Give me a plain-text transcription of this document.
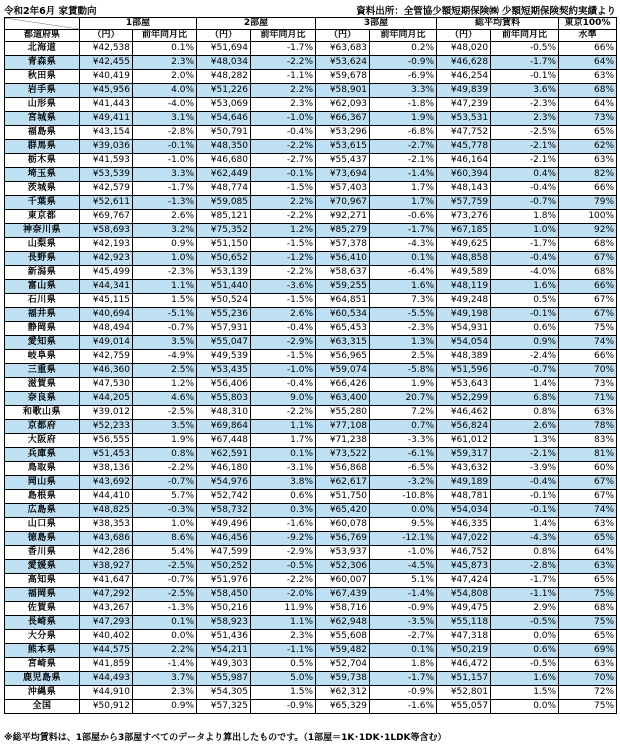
令和2年6月 家賃動向	資料出所：全管協少額短期保険㈱ 少額短期保険契約実績より
	1部屋		2部屋		3部屋		総平均賃料		東京100%
都道府県	（円）	前年同月比	（円）	前年同月比	（円）	前年同月比	（円）	前年同月比	水準
北海道	¥42,538	0.1%	¥51,694	-1.7%	¥63,683	0.2%	¥48,020	-0.5%	66%
青森県	¥42,455	2.3%	¥48,034	-2.2%	¥53,624	-0.9%	¥46,628	-1.7%	64%
秋田県	¥40,419	2.0%	¥48,282	-1.1%	¥59,678	-6.9%	¥46,254	-0.1%	63%
岩手県	¥45,956	4.0%	¥51,226	2.2%	¥58,901	3.3%	¥49,839	3.6%	68%
山形県	¥41,443	-4.0%	¥53,069	2.3%	¥62,093	-1.8%	¥47,239	-2.3%	64%
宮城県	¥49,411	3.1%	¥54,646	-1.0%	¥66,367	1.9%	¥53,531	2.3%	73%
福島県	¥43,154	-2.8%	¥50,791	-0.4%	¥53,296	-6.8%	¥47,752	-2.5%	65%
群馬県	¥39,036	-0.1%	¥48,350	-2.2%	¥53,615	-2.7%	¥45,778	-2.1%	62%
栃木県	¥41,593	-1.0%	¥46,680	-2.7%	¥55,437	-2.1%	¥46,164	-2.1%	63%
埼玉県	¥53,539	3.3%	¥62,449	-0.1%	¥73,694	-1.4%	¥60,394	0.4%	82%
茨城県	¥42,579	-1.7%	¥48,774	-1.5%	¥57,403	1.7%	¥48,143	-0.4%	66%
千葉県	¥52,611	-1.3%	¥59,085	2.2%	¥70,967	1.7%	¥57,759	-0.7%	79%
東京都	¥69,767	2.6%	¥85,121	-2.2%	¥92,271	-0.6%	¥73,276	1.8%	100%
神奈川県	¥58,693	3.2%	¥75,352	1.2%	¥85,279	-1.7%	¥67,185	1.0%	92%
山梨県	¥42,193	0.9%	¥51,150	-1.5%	¥57,378	-4.3%	¥49,625	-1.7%	68%
長野県	¥42,923	1.0%	¥50,652	-1.2%	¥56,410	0.1%	¥48,858	-0.4%	67%
新潟県	¥45,499	-2.3%	¥53,139	-2.2%	¥58,637	-6.4%	¥49,589	-4.0%	68%
富山県	¥44,341	1.1%	¥51,440	-3.6%	¥59,255	1.6%	¥48,119	1.6%	66%
石川県	¥45,115	1.5%	¥50,524	-1.5%	¥64,851	7.3%	¥49,248	0.5%	67%
福井県	¥40,694	-5.1%	¥55,236	2.6%	¥60,534	-5.5%	¥49,198	-0.1%	67%
静岡県	¥48,494	-0.7%	¥57,931	-0.4%	¥65,453	-2.3%	¥54,931	0.6%	75%
愛知県	¥49,014	3.5%	¥55,047	-2.9%	¥63,315	1.3%	¥54,054	0.9%	74%
岐阜県	¥42,759	-4.9%	¥49,539	-1.5%	¥56,965	2.5%	¥48,389	-2.4%	66%
三重県	¥46,360	2.5%	¥53,435	-1.0%	¥59,074	-5.8%	¥51,596	-0.7%	70%
滋賀県	¥47,530	1.2%	¥56,406	-0.4%	¥66,426	1.9%	¥53,643	1.4%	73%
奈良県	¥44,205	4.6%	¥55,803	9.0%	¥63,400	20.7%	¥52,299	6.8%	71%
和歌山県	¥39,012	-2.5%	¥48,310	-2.2%	¥55,280	7.2%	¥46,462	0.8%	63%
京都府	¥52,233	3.5%	¥69,864	1.1%	¥77,108	0.7%	¥56,824	2.6%	78%
大阪府	¥56,555	1.9%	¥67,448	1.7%	¥71,238	-3.3%	¥61,012	1.3%	83%
兵庫県	¥51,453	0.8%	¥62,591	0.1%	¥73,522	-6.1%	¥59,317	-2.1%	81%
鳥取県	¥38,136	-2.2%	¥46,180	-3.1%	¥56,868	-6.5%	¥43,632	-3.9%	60%
岡山県	¥43,692	-0.7%	¥54,976	3.8%	¥62,617	-3.2%	¥49,189	-0.4%	67%
島根県	¥44,410	5.7%	¥52,742	0.6%	¥51,750	-10.8%	¥48,781	-0.1%	67%
広島県	¥48,825	-0.3%	¥58,732	0.3%	¥65,420	0.0%	¥54,034	-0.1%	74%
山口県	¥38,353	1.0%	¥49,496	-1.6%	¥60,078	9.5%	¥46,335	1.4%	63%
徳島県	¥43,686	8.6%	¥46,456	-9.2%	¥56,769	-12.1%	¥47,022	-4.3%	65%
香川県	¥42,286	5.4%	¥47,599	-2.9%	¥53,937	-1.0%	¥46,752	0.8%	64%
愛媛県	¥38,927	-2.5%	¥50,252	-0.5%	¥52,306	-4.5%	¥45,873	-2.8%	63%
高知県	¥41,647	-0.7%	¥51,976	-2.2%	¥60,007	5.1%	¥47,424	-1.7%	65%
福岡県	¥47,292	-2.5%	¥58,450	-2.0%	¥67,439	-1.4%	¥54,808	-1.1%	75%
佐賀県	¥43,267	-1.3%	¥50,216	11.9%	¥58,716	-0.9%	¥49,475	2.9%	68%
長崎県	¥47,293	0.1%	¥58,923	1.1%	¥62,948	-3.5%	¥55,118	-0.5%	75%
大分県	¥40,402	0.0%	¥51,436	2.3%	¥55,608	-2.7%	¥47,318	0.0%	65%
熊本県	¥44,575	2.2%	¥54,211	-1.1%	¥59,482	0.1%	¥50,219	0.6%	69%
宮崎県	¥41,859	-1.4%	¥49,303	0.5%	¥52,704	1.8%	¥46,472	-0.5%	63%
鹿児島県	¥44,493	3.7%	¥55,987	5.0%	¥59,738	-1.7%	¥51,157	1.6%	70%
沖縄県	¥44,910	2.3%	¥54,305	1.5%	¥62,312	-0.9%	¥52,801	1.5%	72%
全国	¥50,912	0.9%	¥57,325	-0.9%	¥65,329	-1.6%	¥55,057	0.0%	75%
※総平均賃料は、1部屋から3部屋すべてのデータより算出したものです。（1部屋＝1K･1DK･1LDK等含む）
